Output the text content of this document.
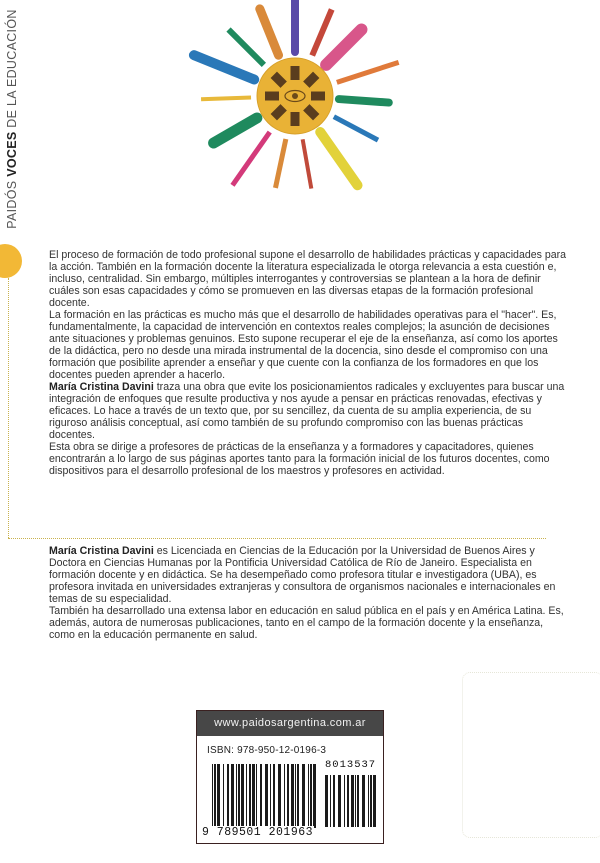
PAIDÓS VOCES DE LA EDUCACIÓN

El proceso de formación de todo profesional supone el desarrollo de habilidades prácticas y capacidades para la acción. También en la formación docente la literatura especializada le otorga relevancia a esta cuestión e, incluso, centralidad. Sin embargo, múltiples interrogantes y controversias se plantean a la hora de definir cuáles son esas capacidades y cómo se promueven en las diversas etapas de la formación profesional docente.

La formación en las prácticas es mucho más que el desarrollo de habilidades operativas para el "hacer". Es, fundamentalmente, la capacidad de intervención en contextos reales complejos; la asunción de decisiones ante situaciones y problemas genuinos. Esto supone recuperar el eje de la enseñanza, así como los aportes de la didáctica, pero no desde una mirada instrumental de la docencia, sino desde el compromiso con una formación que posibilite aprender a enseñar y que cuente con la confianza de los formadores en que los docentes pueden aprender a hacerlo.

María Cristina Davini traza una obra que evite los posicionamientos radicales y excluyentes para buscar una integración de enfoques que resulte productiva y nos ayude a pensar en prácticas renovadas, efectivas y eficaces. Lo hace a través de un texto que, por su sencillez, da cuenta de su amplia experiencia, de su riguroso análisis conceptual, así como también de su profundo compromiso con las buenas prácticas docentes.

Esta obra se dirige a profesores de prácticas de la enseñanza y a formadores y capacitadores, quienes encontrarán a lo largo de sus páginas aportes tanto para la formación inicial de los futuros docentes, como dispositivos para el desarrollo profesional de los maestros y profesores en actividad.

María Cristina Davini es Licenciada en Ciencias de la Educación por la Universidad de Buenos Aires y Doctora en Ciencias Humanas por la Pontificia Universidad Católica de Río de Janeiro. Especialista en formación docente y en didáctica. Se ha desempeñado como profesora titular e investigadora (UBA), es profesora invitada en universidades extranjeras y consultora de organismos nacionales e internacionales en temas de su especialidad.

También ha desarrollado una extensa labor en educación en salud pública en el país y en América Latina. Es, además, autora de numerosas publicaciones, tanto en el campo de la formación docente y la enseñanza, como en la educación permanente en salud.

www.paidosargentina.com.ar
ISBN: 978-950-12-0196-3
8013537
9 789501 201963
